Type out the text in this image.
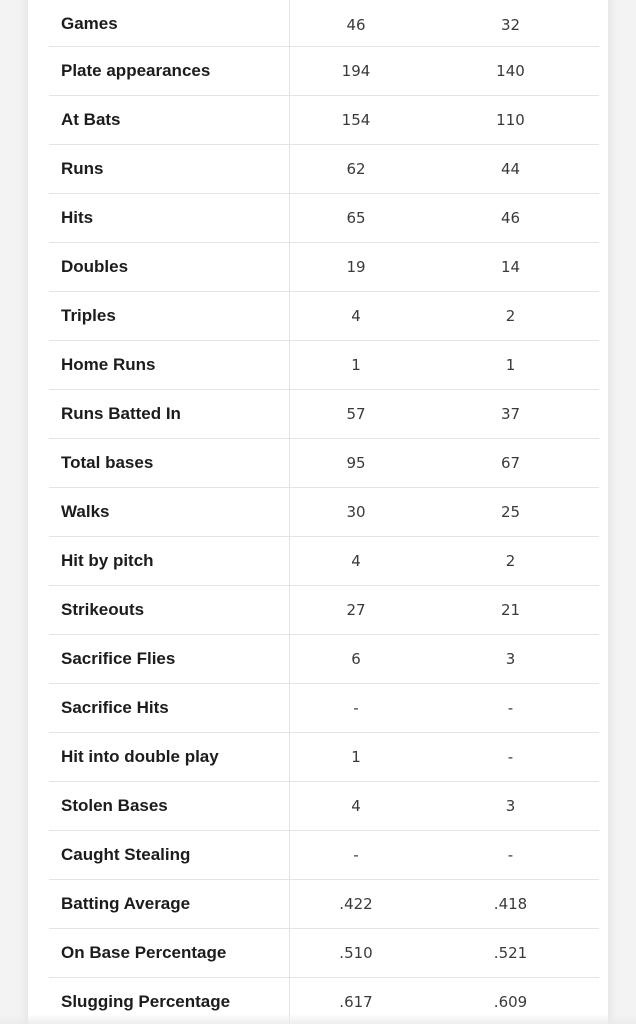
Games	46	32
Plate appearances	194	140
At Bats	154	110
Runs	62	44
Hits	65	46
Doubles	19	14
Triples	4	2
Home Runs	1	1
Runs Batted In	57	37
Total bases	95	67
Walks	30	25
Hit by pitch	4	2
Strikeouts	27	21
Sacrifice Flies	6	3
Sacrifice Hits	-	-
Hit into double play	1	-
Stolen Bases	4	3
Caught Stealing	-	-
Batting Average	.422	.418
On Base Percentage	.510	.521
Slugging Percentage	.617	.609
